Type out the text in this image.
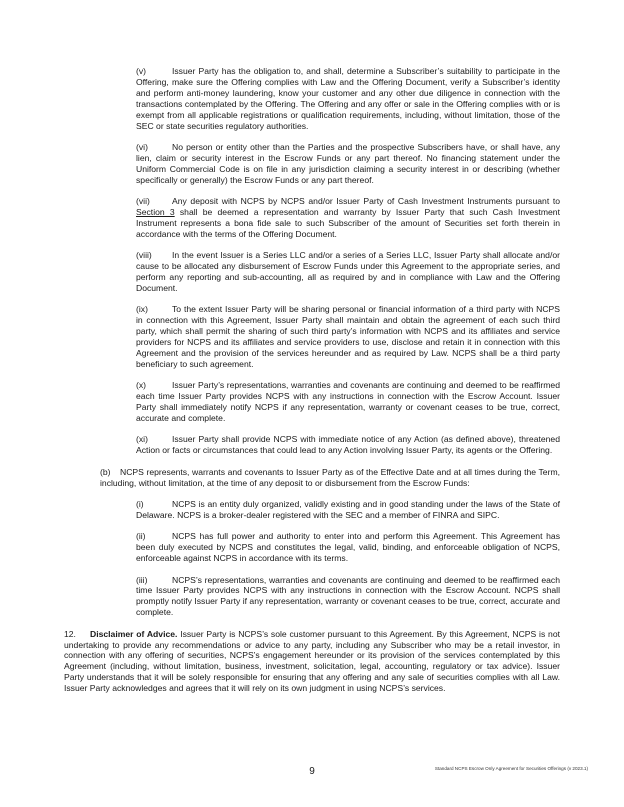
(v)	Issuer Party has the obligation to, and shall, determine a Subscriber’s suitability to participate in the Offering, make sure the Offering complies with Law and the Offering Document, verify a Subscriber’s identity and perform anti-money laundering, know your customer and any other due diligence in connection with the transactions contemplated by the Offering. The Offering and any offer or sale in the Offering complies with or is exempt from all applicable registrations or qualification requirements, including, without limitation, those of the SEC or state securities regulatory authorities.

(vi)	No person or entity other than the Parties and the prospective Subscribers have, or shall have, any lien, claim or security interest in the Escrow Funds or any part thereof. No financing statement under the Uniform Commercial Code is on file in any jurisdiction claiming a security interest in or describing (whether specifically or generally) the Escrow Funds or any part thereof.

(vii)	Any deposit with NCPS by NCPS and/or Issuer Party of Cash Investment Instruments pursuant to Section 3 shall be deemed a representation and warranty by Issuer Party that such Cash Investment Instrument represents a bona fide sale to such Subscriber of the amount of Securities set forth therein in accordance with the terms of the Offering Document.

(viii) In the event Issuer is a Series LLC and/or a series of a Series LLC, Issuer Party shall allocate and/or cause to be allocated any disbursement of Escrow Funds under this Agreement to the appropriate series, and perform any reporting and sub-accounting, all as required by and in compliance with Law and the Offering Document.

(ix)	To the extent Issuer Party will be sharing personal or financial information of a third party with NCPS in connection with this Agreement, Issuer Party shall maintain and obtain the agreement of each such third party, which shall permit the sharing of such third party’s information with NCPS and its affiliates and service providers for NCPS and its affiliates and service providers to use, disclose and retain it in connection with this Agreement and the provision of the services hereunder and as required by Law. NCPS shall be a third party beneficiary to such agreement.

(x)	Issuer Party’s representations, warranties and covenants are continuing and deemed to be reaffirmed each time Issuer Party provides NCPS with any instructions in connection with the Escrow Account. Issuer Party shall immediately notify NCPS if any representation, warranty or covenant ceases to be true, correct, accurate and complete.

(xi)	Issuer Party shall provide NCPS with immediate notice of any Action (as defined above), threatened Action or facts or circumstances that could lead to any Action involving Issuer Party, its agents or the Offering.

(b) NCPS represents, warrants and covenants to Issuer Party as of the Effective Date and at all times during the Term, including, without limitation, at the time of any deposit to or disbursement from the Escrow Funds:

(i)	NCPS is an entity duly organized, validly existing and in good standing under the laws of the State of Delaware. NCPS is a broker-dealer registered with the SEC and a member of FINRA and SIPC.

(ii)	NCPS has full power and authority to enter into and perform this Agreement. This Agreement has been duly executed by NCPS and constitutes the legal, valid, binding, and enforceable obligation of NCPS, enforceable against NCPS in accordance with its terms.

(iii)	NCPS’s representations, warranties and covenants are continuing and deemed to be reaffirmed each time Issuer Party provides NCPS with any instructions in connection with the Escrow Account. NCPS shall promptly notify Issuer Party if any representation, warranty or covenant ceases to be true, correct, accurate and complete.

12. Disclaimer of Advice. Issuer Party is NCPS’s sole customer pursuant to this Agreement. By this Agreement, NCPS is not undertaking to provide any recommendations or advice to any party, including any Subscriber who may be a retail investor, in connection with any offering of securities, NCPS’s engagement hereunder or its provision of the services contemplated by this Agreement (including, without limitation, business, investment, solicitation, legal, accounting, regulatory or tax advice). Issuer Party understands that it will be solely responsible for ensuring that any offering and any sale of securities complies with all Law. Issuer Party acknowledges and agrees that it will rely on its own judgment in using NCPS’s services.

9	Standard NCPS Escrow Only Agreement for Securities Offerings (v 2023.1)
